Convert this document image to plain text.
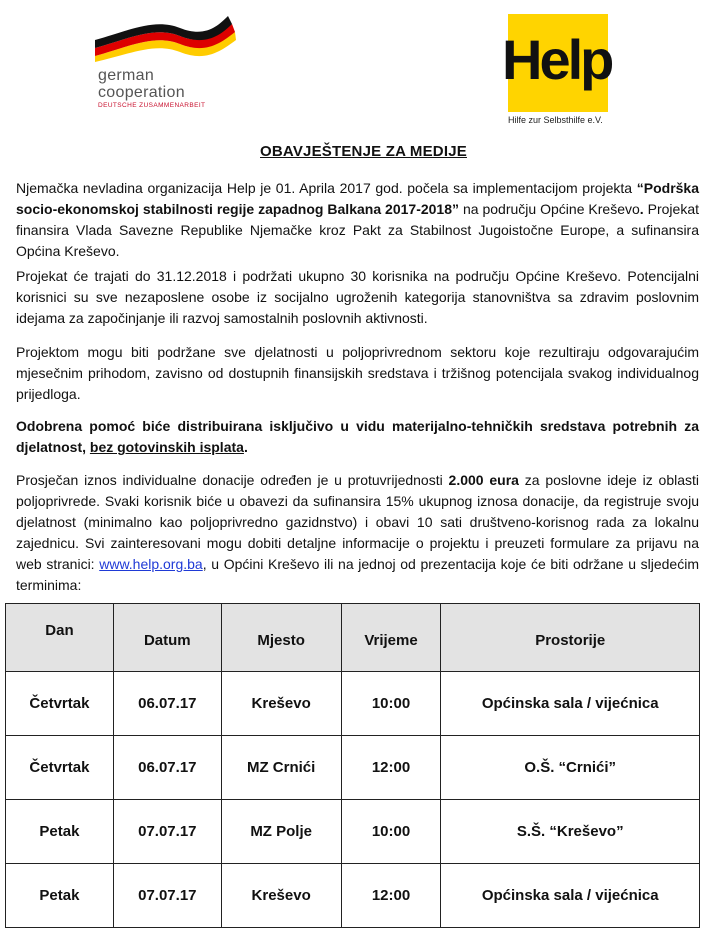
german
cooperation
DEUTSCHE ZUSAMMENARBEIT
Help
Hilfe zur Selbsthilfe e.V.
OBAVJEŠTENJE ZA MEDIJE

Njemačka nevladina organizacija Help je 01. Aprila 2017 god. počela sa implementacijom projekta “Podrška socio-ekonomskoj stabilnosti regije zapadnog Balkana 2017-2018” na području Općine Kreševo. Projekat finansira Vlada Savezne Republike Njemačke kroz Pakt za Stabilnost Jugoistočne Europe, a sufinansira Općina Kreševo.

Projekat će trajati do 31.12.2018 i podržati ukupno 30 korisnika na području Općine Kreševo. Potencijalni korisnici su sve nezaposlene osobe iz socijalno ugroženih kategorija stanovništva sa zdravim poslovnim idejama za započinjanje ili razvoj samostalnih poslovnih aktivnosti.

Projektom mogu biti podržane sve djelatnosti u poljoprivrednom sektoru koje rezultiraju odgovarajućim mjesečnim prihodom, zavisno od dostupnih finansijskih sredstava i tržišnog potencijala svakog individualnog prijedloga.

Odobrena pomoć biće distribuirana isključivo u vidu materijalno-tehničkih sredstava potrebnih za djelatnost, bez gotovinskih isplata.

Prosječan iznos individualne donacije određen je u protuvrijednosti 2.000 eura za poslovne ideje iz oblasti poljoprivrede. Svaki korisnik biće u obavezi da sufinansira 15% ukupnog iznosa donacije, da registruje svoju djelatnost (minimalno kao poljoprivredno gazidnstvo) i obavi 10 sati društveno-korisnog rada za lokalnu zajednicu. Svi zainteresovani mogu dobiti detaljne informacije o projektu i preuzeti formulare za prijavu na web stranici: www.help.org.ba, u Općini Kreševo ili na jednoj od prezentacija koje će biti održane u sljedećim terminima:

Dan	Datum	Mjesto	Vrijeme	Prostorije
Četvrtak	06.07.17	Kreševo	10:00	Općinska sala / vijećnica
Četvrtak	06.07.17	MZ Crnići	12:00	O.Š. “Crnići”
Petak	07.07.17	MZ Polje	10:00	S.Š. “Kreševo”
Petak	07.07.17	Kreševo	12:00	Općinska sala / vijećnica
